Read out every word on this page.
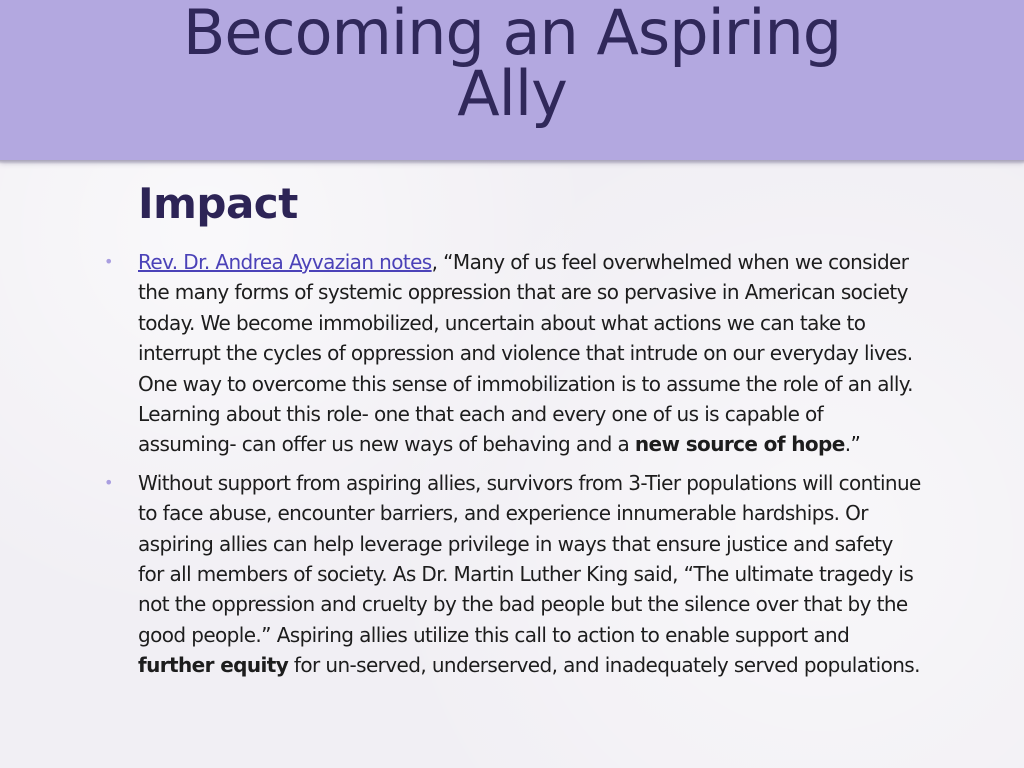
Becoming an Aspiring
Ally
Impact
• Rev. Dr. Andrea Ayvazian notes, “Many of us feel overwhelmed when we consider the many forms of systemic oppression that are so pervasive in American society today. We become immobilized, uncertain about what actions we can take to interrupt the cycles of oppression and violence that intrude on our everyday lives. One way to overcome this sense of immobilization is to assume the role of an ally. Learning about this role- one that each and every one of us is capable of assuming- can offer us new ways of behaving and a new source of hope.”
• Without support from aspiring allies, survivors from 3-Tier populations will continue to face abuse, encounter barriers, and experience innumerable hardships. Or aspiring allies can help leverage privilege in ways that ensure justice and safety for all members of society. As Dr. Martin Luther King said, “The ultimate tragedy is not the oppression and cruelty by the bad people but the silence over that by the good people.” Aspiring allies utilize this call to action to enable support and further equity for un-served, underserved, and inadequately served populations.
